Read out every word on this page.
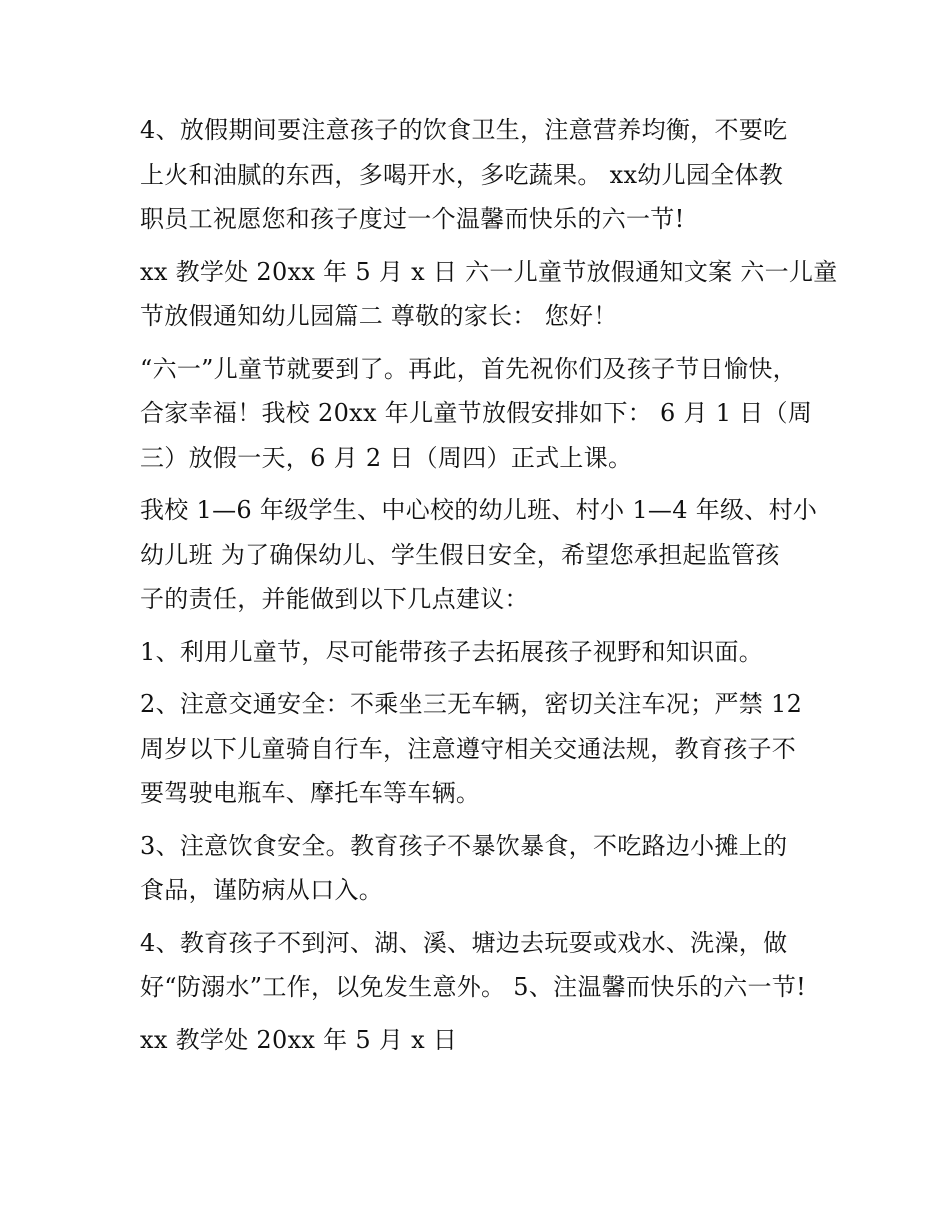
4、放假期间要注意孩子的饮食卫生，注意营养均衡，不要吃
上火和油腻的东西，多喝开水，多吃蔬果。 xx幼儿园全体教
职员工祝愿您和孩子度过一个温馨而快乐的六一节!
xx 教学处 20xx 年 5 月 x 日 六一儿童节放假通知文案 六一儿童
节放假通知幼儿园篇二 尊敬的家长： 您好！
“六一”儿童节就要到了。再此，首先祝你们及孩子节日愉快，
合家幸福！我校 20xx 年儿童节放假安排如下： 6 月 1 日（周
三）放假一天，6 月 2 日（周四）正式上课。
我校 1—6 年级学生、中心校的幼儿班、村小 1—4 年级、村小
幼儿班 为了确保幼儿、学生假日安全，希望您承担起监管孩
子的责任，并能做到以下几点建议：
1、利用儿童节，尽可能带孩子去拓展孩子视野和知识面。
2、注意交通安全：不乘坐三无车辆，密切关注车况；严禁 12
周岁以下儿童骑自行车，注意遵守相关交通法规，教育孩子不
要驾驶电瓶车、摩托车等车辆。
3、注意饮食安全。教育孩子不暴饮暴食，不吃路边小摊上的
食品，谨防病从口入。
4、教育孩子不到河、湖、溪、塘边去玩耍或戏水、洗澡，做
好“防溺水”工作，以免发生意外。 5、注温馨而快乐的六一节!
xx 教学处 20xx 年 5 月 x 日
